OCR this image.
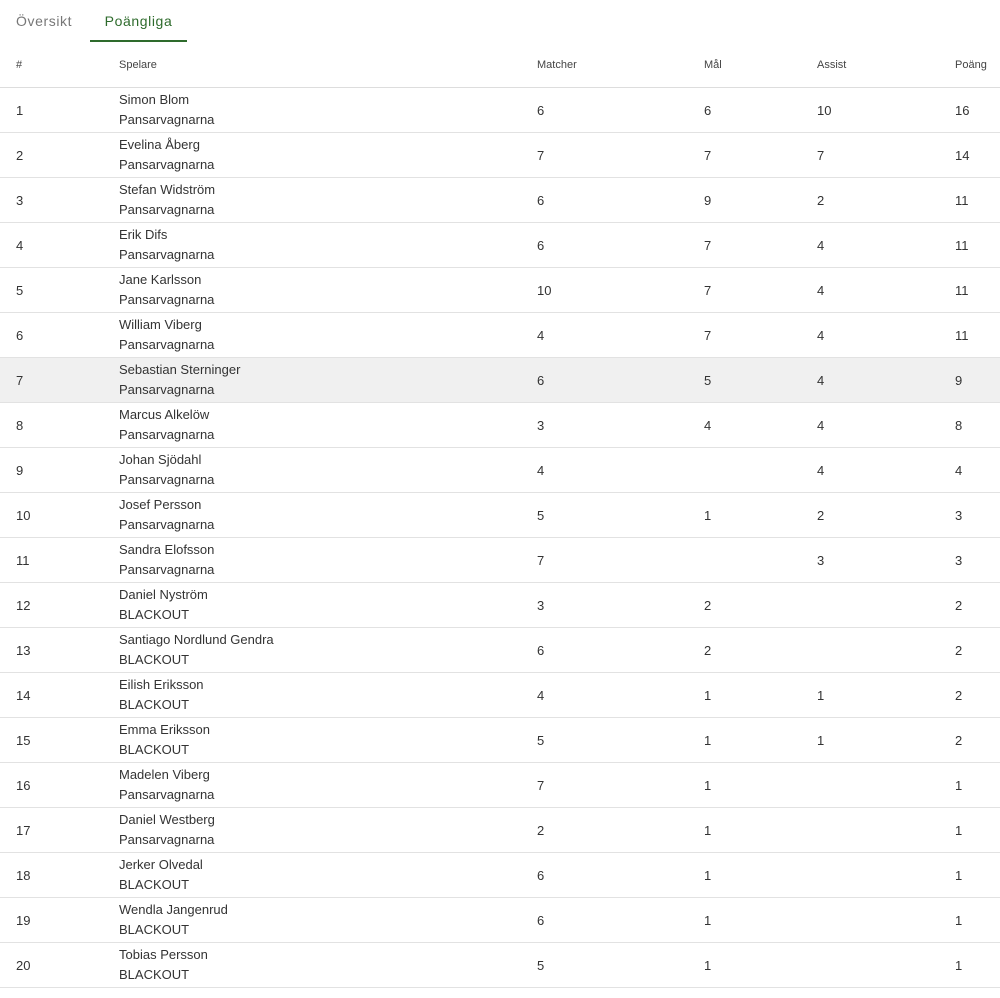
Översikt	Poängliga
#	Spelare	Matcher	Mål	Assist	Poäng
1	Simon Blom
Pansarvagnarna	6	6	10	16
2	Evelina Åberg
Pansarvagnarna	7	7	7	14
3	Stefan Widström
Pansarvagnarna	6	9	2	11
4	Erik Difs
Pansarvagnarna	6	7	4	11
5	Jane Karlsson
Pansarvagnarna	10	7	4	11
6	William Viberg
Pansarvagnarna	4	7	4	11
7	Sebastian Sterninger
Pansarvagnarna	6	5	4	9
8	Marcus Alkelöw
Pansarvagnarna	3	4	4	8
9	Johan Sjödahl
Pansarvagnarna	4		4	4
10	Josef Persson
Pansarvagnarna	5	1	2	3
11	Sandra Elofsson
Pansarvagnarna	7		3	3
12	Daniel Nyström
BLACKOUT	3	2		2
13	Santiago Nordlund Gendra
BLACKOUT	6	2		2
14	Eilish Eriksson
BLACKOUT	4	1	1	2
15	Emma Eriksson
BLACKOUT	5	1	1	2
16	Madelen Viberg
Pansarvagnarna	7	1		1
17	Daniel Westberg
Pansarvagnarna	2	1		1
18	Jerker Olvedal
BLACKOUT	6	1		1
19	Wendla Jangenrud
BLACKOUT	6	1		1
20	Tobias Persson
BLACKOUT	5	1		1
